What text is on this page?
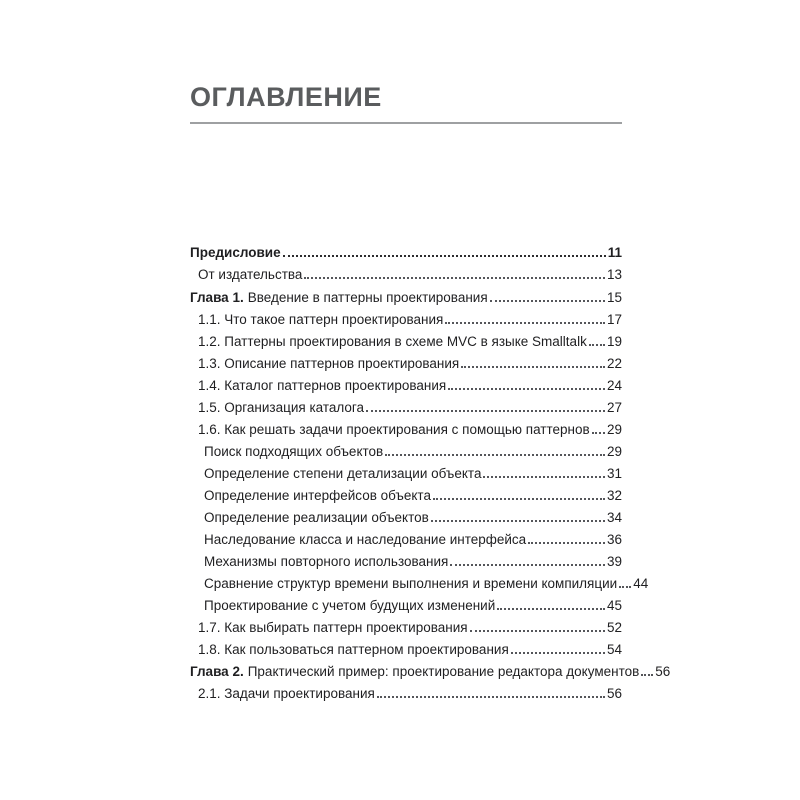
ОГЛАВЛЕНИЕ
Предисловие	11
От издательства	13
Глава 1. Введение в паттерны проектирования	15
1.1. Что такое паттерн проектирования	17
1.2. Паттерны проектирования в схеме MVC в языке Smalltalk 19
1.3. Описание паттернов проектирования	22
1.4. Каталог паттернов проектирования	24
1.5. Организация каталога	27
1.6. Как решать задачи проектирования с помощью паттернов 29
Поиск подходящих объектов	29
Определение степени детализации объекта	31
Определение интерфейсов объекта	32
Определение реализации объектов	34
Наследование класса и наследование интерфейса	36
Механизмы повторного использования	39
Сравнение структур времени выполнения и времени компиляции 44
Проектирование с учетом будущих изменений	45
1.7. Как выбирать паттерн проектирования	52
1.8. Как пользоваться паттерном проектирования	54
Глава 2. Практический пример: проектирование редактора документов 56
2.1. Задачи проектирования	56
